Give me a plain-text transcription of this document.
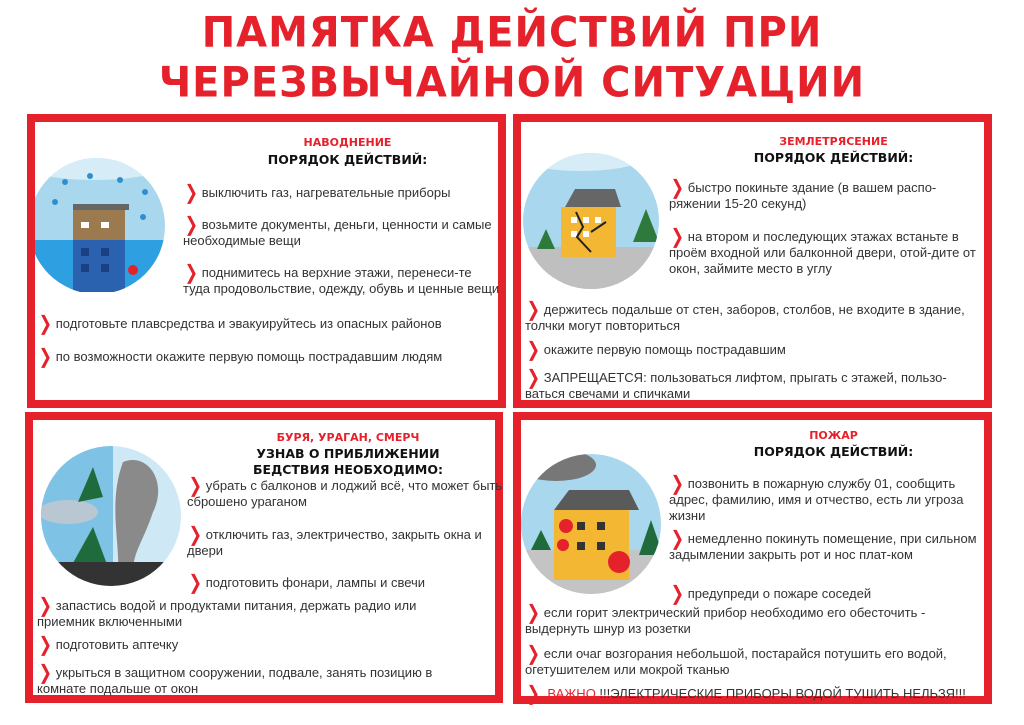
ПАМЯТКА ДЕЙСТВИЙ ПРИ
ЧЕРЕЗВЫЧАЙНОЙ СИТУАЦИИ
НАВОДНЕНИЕ
ПОРЯДОК ДЕЙСТВИЙ:
❯ выключить газ, нагревательные приборы
❯ возьмите документы, деньги, ценности и самые необходимые вещи
❯ поднимитесь на верхние этажи, перенеси-те туда продовольствие, одежду, обувь и ценные вещи
❯ подготовьте плавсредства и эвакуируйтесь из опасных районов
❯ по возможности окажите первую помощь пострадавшим людям
ЗЕМЛЕТРЯСЕНИЕ
ПОРЯДОК ДЕЙСТВИЙ:
❯ быстро покиньте здание (в вашем распо-ряжении 15-20 секунд)
❯ на втором и последующих этажах встаньте в проём входной или балконной двери, отой-дите от окон, займите место в углу
❯ держитесь подальше от стен, заборов, столбов, не входите в здание, толчки могут повториться
❯ окажите первую помощь пострадавшим
❯ ЗАПРЕЩАЕТСЯ: пользоваться лифтом, прыгать с этажей, пользо-ваться свечами и спичками
БУРЯ, УРАГАН, СМЕРЧ
УЗНАВ О ПРИБЛИЖЕНИИ
БЕДСТВИЯ НЕОБХОДИМО:
❯ убрать с балконов и лоджий всё, что может быть сброшено ураганом
❯ отключить газ, электричество, закрыть окна и двери
❯ подготовить фонари, лампы и свечи
❯ запастись водой и продуктами питания, держать радио или приемник включенными
❯ подготовить аптечку
❯ укрыться в защитном сооружении, подвале, занять позицию в комнате подальше от окон
ПОЖАР
ПОРЯДОК ДЕЙСТВИЙ:
❯ позвонить в пожарную службу 01, сообщить адрес, фамилию, имя и отчество, есть ли угроза жизни
❯ немедленно покинуть помещение, при сильном задымлении закрыть рот и нос плат-ком
❯ предупреди о пожаре соседей
❯ если горит электрический прибор необходимо его обесточить - выдернуть шнур из розетки
❯ если очаг возгорания небольшой, постарайся потушить его водой, огетушителем или мокрой тканью
❯ ВАЖНО !!!ЭЛЕКТРИЧЕСКИЕ ПРИБОРЫ ВОДОЙ ТУШИТЬ НЕЛЬЗЯ!!!
